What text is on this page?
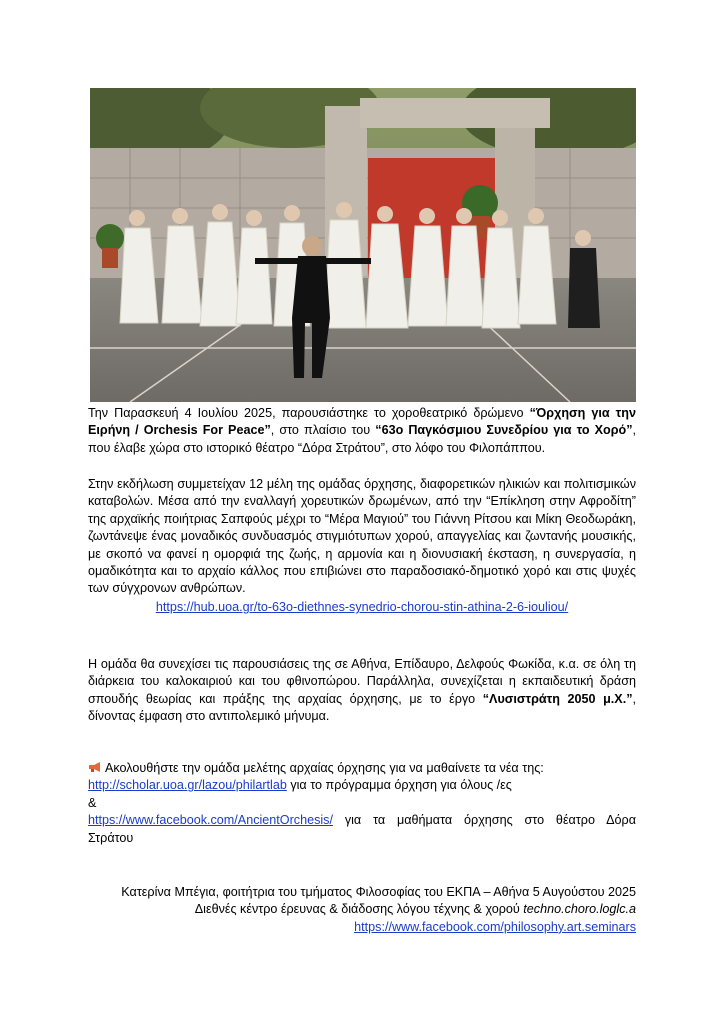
Την Παρασκευή 4 Ιουλίου 2025, παρουσιάστηκε το χοροθεατρικό δρώμενο “Όρχηση για την Ειρήνη / Orchesis For Peace”, στο πλαίσιο του “63ο Παγκόσμιου Συνεδρίου για το Χορό”, που έλαβε χώρα στο ιστορικό θέατρο “Δόρα Στράτου”, στο λόφο του Φιλοπάππου.
Στην εκδήλωση συμμετείχαν 12 μέλη της ομάδας όρχησης, διαφορετικών ηλικιών και πολιτισμικών καταβολών. Μέσα από την εναλλαγή χορευτικών δρωμένων, από την “Επίκληση στην Αφροδίτη” της αρχαϊκής ποιήτριας Σαπφούς μέχρι το “Μέρα Μαγιού” του Γιάννη Ρίτσου και Μίκη Θεοδωράκη, ζωντάνεψε ένας μοναδικός συνδυασμός στιγμιότυπων χορού, απαγγελίας και ζωντανής μουσικής, με σκοπό να φανεί η ομορφιά της ζωής, η αρμονία και η διονυσιακή έκσταση, η συνεργασία, η ομαδικότητα και το αρχαίο κάλλος που επιβιώνει στο παραδοσιακό-δημοτικό χορό και στις ψυχές των σύγχρονων ανθρώπων.
https://hub.uoa.gr/to-63o-diethnes-synedrio-chorou-stin-athina-2-6-iouliou/
Η ομάδα θα συνεχίσει τις παρουσιάσεις της σε Αθήνα, Επίδαυρο, Δελφούς Φωκίδα, κ.α. σε όλη τη διάρκεια του καλοκαιριού και του φθινοπώρου. Παράλληλα, συνεχίζεται η εκπαιδευτική δράση σπουδής θεωρίας και πράξης της αρχαίας όρχησης, με το έργο “Λυσιστράτη 2050 μ.Χ.”, δίνοντας έμφαση στο αντιπολεμικό μήνυμα.
Ακολουθήστε την ομάδα μελέτης αρχαίας όρχησης για να μαθαίνετε τα νέα της:
http://scholar.uoa.gr/lazou/philartlab για το πρόγραμμα όρχηση για όλους /ες
&
https://www.facebook.com/AncientOrchesis/ για τα μαθήματα όρχησης στο θέατρο Δόρα
Στράτου
Κατερίνα Μπέγια, φοιτήτρια του τμήματος Φιλοσοφίας του ΕΚΠΑ – Αθήνα 5 Αυγούστου 2025
Διεθνές κέντρο έρευνας & διάδοσης λόγου τέχνης & χορού techno.choro.loglc.a
https://www.facebook.com/philosophy.art.seminars
